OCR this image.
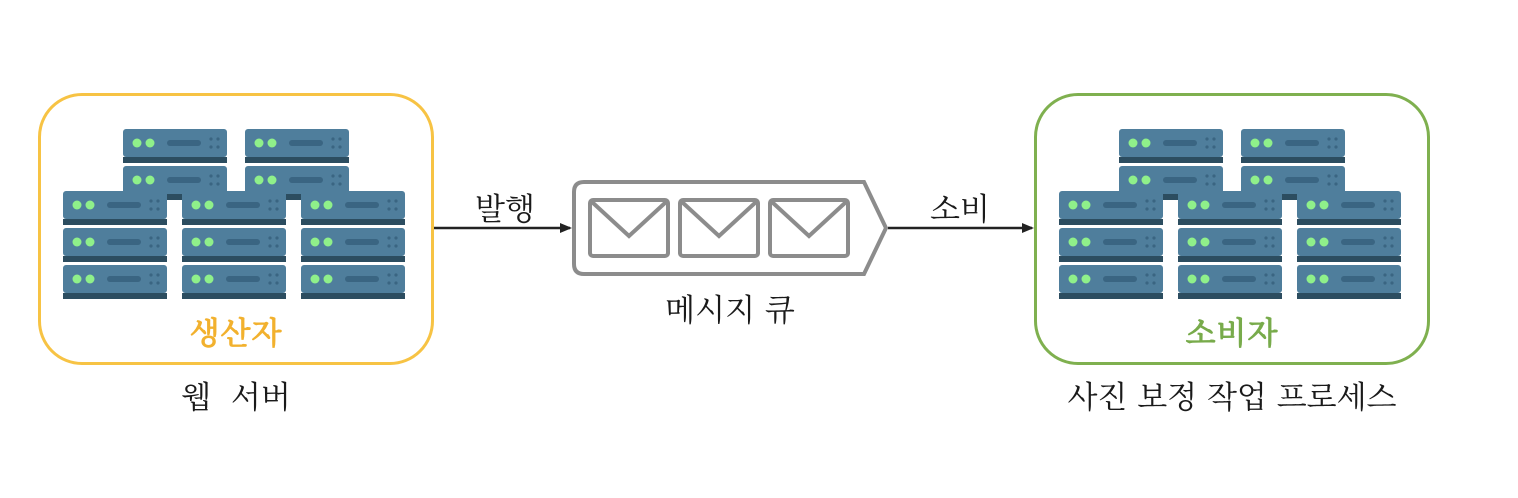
생산자
웹  서버
소비자
사진 보정 작업 프로세스
발행	소비
메시지 큐
